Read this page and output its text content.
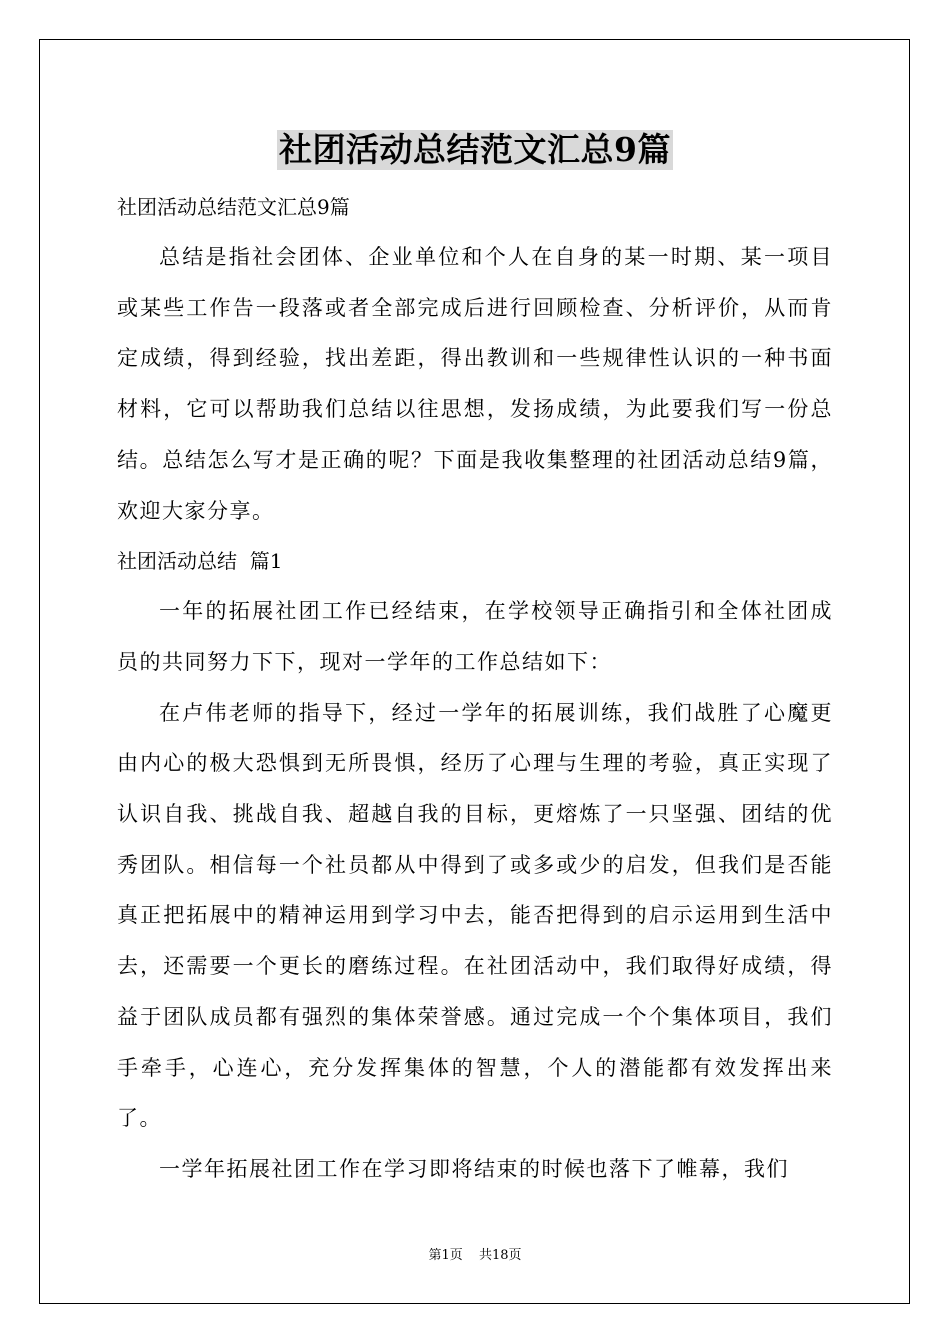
社团活动总结范文汇总9篇
社团活动总结范文汇总9篇

总结是指社会团体、企业单位和个人在自身的某一时期、某一项目或某些工作告一段落或者全部完成后进行回顾检查、分析评价，从而肯定成绩，得到经验，找出差距，得出教训和一些规律性认识的一种书面材料，它可以帮助我们总结以往思想，发扬成绩，为此要我们写一份总结。总结怎么写才是正确的呢？下面是我收集整理的社团活动总结9篇，欢迎大家分享。

社团活动总结  篇1

一年的拓展社团工作已经结束，在学校领导正确指引和全体社团成员的共同努力下下，现对一学年的工作总结如下：

在卢伟老师的指导下，经过一学年的拓展训练，我们战胜了心魔更由内心的极大恐惧到无所畏惧，经历了心理与生理的考验，真正实现了认识自我、挑战自我、超越自我的目标，更熔炼了一只坚强、团结的优秀团队。相信每一个社员都从中得到了或多或少的启发，但我们是否能真正把拓展中的精神运用到学习中去，能否把得到的启示运用到生活中去，还需要一个更长的磨练过程。在社团活动中，我们取得好成绩，得益于团队成员都有强烈的集体荣誉感。通过完成一个个集体项目，我们手牵手，心连心，充分发挥集体的智慧，个人的潜能都有效发挥出来了。

一学年拓展社团工作在学习即将结束的时候也落下了帷幕，我们

第1页 共18页
